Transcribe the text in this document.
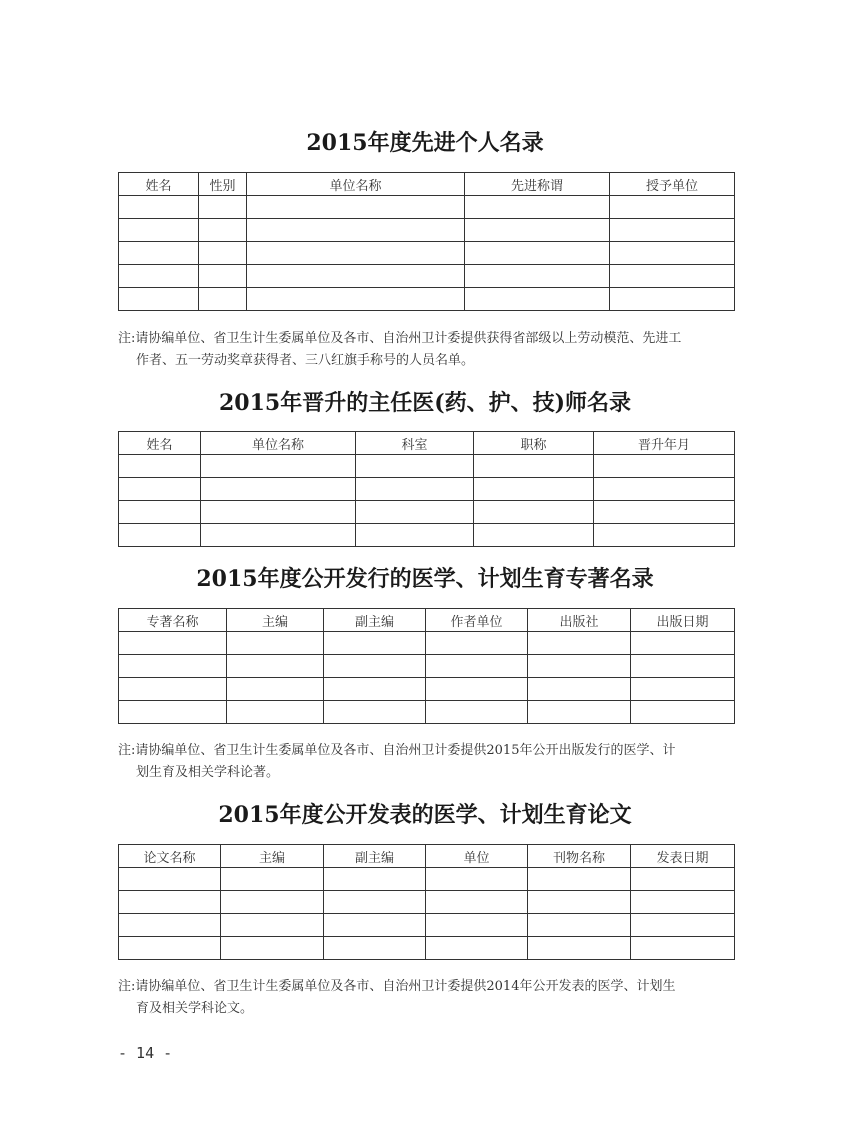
2015年度先进个人名录
姓名	性别	单位名称	先进称谓	授予单位

注:请协编单位、省卫生计生委属单位及各市、自治州卫计委提供获得省部级以上劳动模范、先进工
作者、五一劳动奖章获得者、三八红旗手称号的人员名单。
2015年晋升的主任医(药、护、技)师名录
姓名	单位名称	科室	职称	晋升年月

2015年度公开发行的医学、计划生育专著名录
专著名称	主编	副主编	作者单位	出版社	出版日期

注:请协编单位、省卫生计生委属单位及各市、自治州卫计委提供2015年公开出版发行的医学、计
划生育及相关学科论著。
2015年度公开发表的医学、计划生育论文
论文名称	主编	副主编	单位	刊物名称	发表日期

注:请协编单位、省卫生计生委属单位及各市、自治州卫计委提供2014年公开发表的医学、计划生
育及相关学科论文。
- 14 -
